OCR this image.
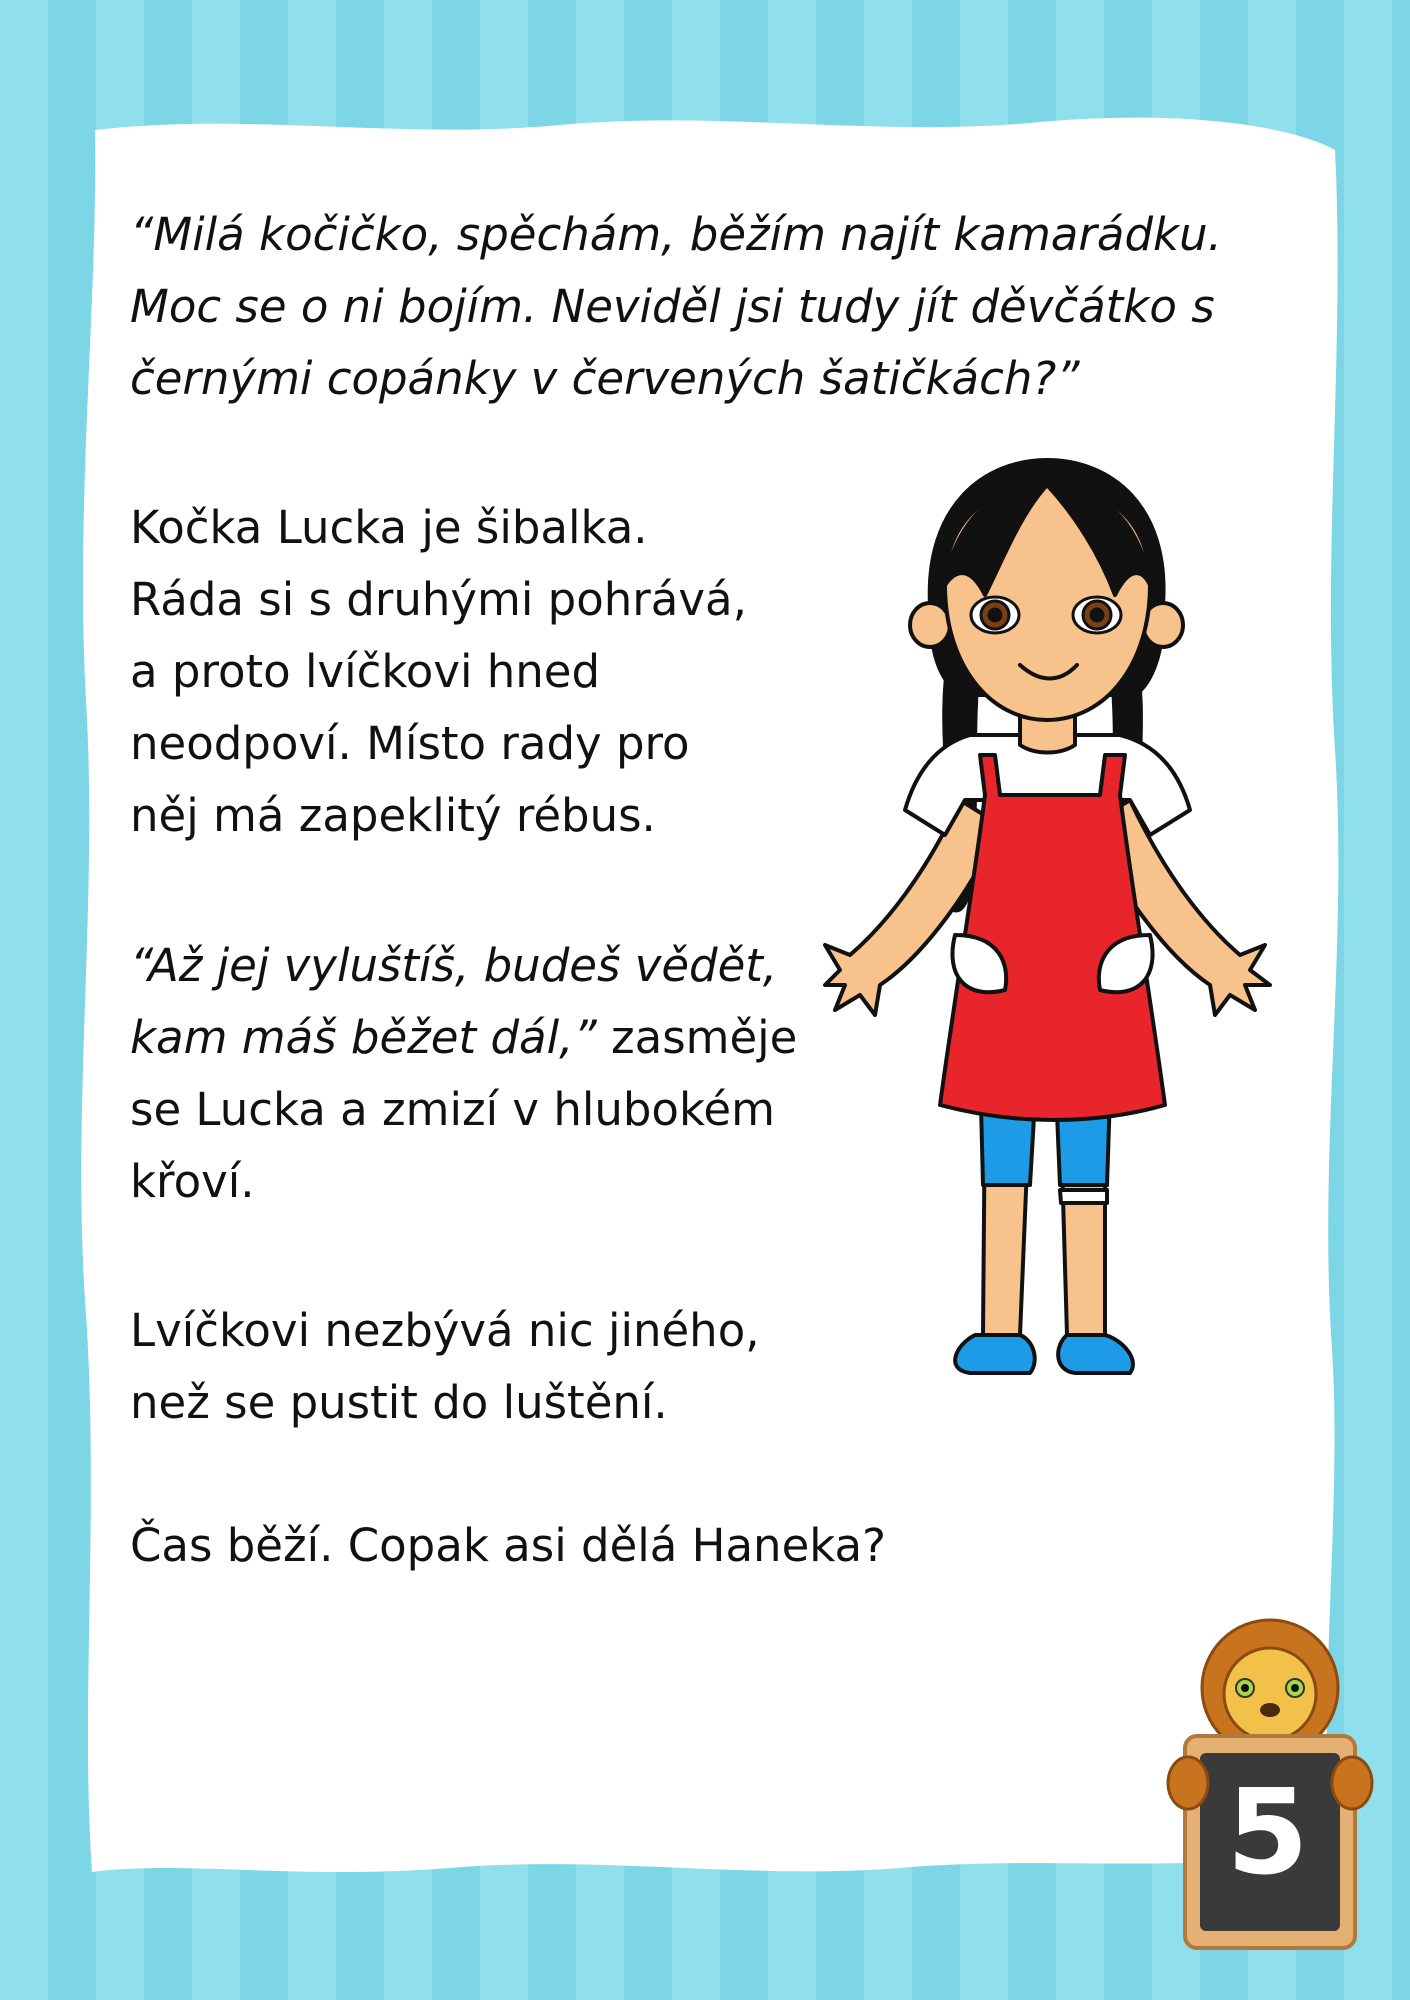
“Milá kočičko, spěchám, běžím najít kamarádku.
Moc se o ni bojím. Neviděl jsi tudy jít děvčátko s
černými copánky v červených šatičkách?”
Kočka Lucka je šibalka.
Ráda si s druhými pohrává,
a proto lvíčkovi hned
neodpoví. Místo rady pro
něj má zapeklitý rébus.
“Až jej vyluštíš, budeš vědět,
kam máš běžet dál,” zasměje
se Lucka a zmizí v hlubokém
křoví.
Lvíčkovi nezbývá nic jiného,
než se pustit do luštění.
Čas běží. Copak asi dělá Haneka?
5
